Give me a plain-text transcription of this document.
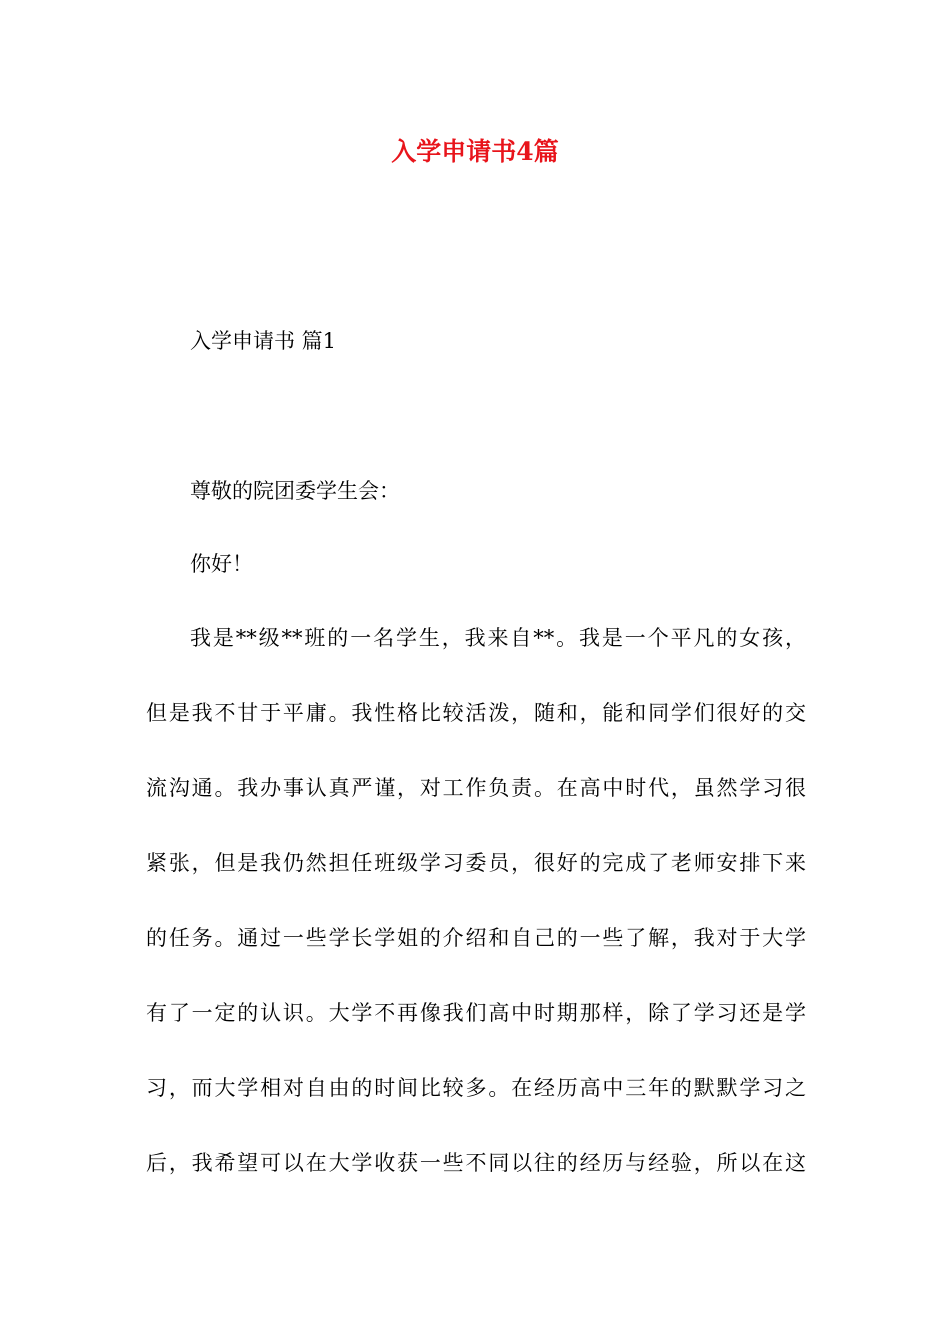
入学申请书4篇

入学申请书 篇1

尊敬的院团委学生会：

你好！

我是**级**班的一名学生，我来自**。我是一个平凡的女孩，
但是我不甘于平庸。我性格比较活泼，随和，能和同学们很好的交
流沟通。我办事认真严谨，对工作负责。在高中时代，虽然学习很
紧张，但是我仍然担任班级学习委员，很好的完成了老师安排下来
的任务。通过一些学长学姐的介绍和自己的一些了解，我对于大学
有了一定的认识。大学不再像我们高中时期那样，除了学习还是学
习，而大学相对自由的时间比较多。在经历高中三年的默默学习之
后，我希望可以在大学收获一些不同以往的经历与经验，所以在这
